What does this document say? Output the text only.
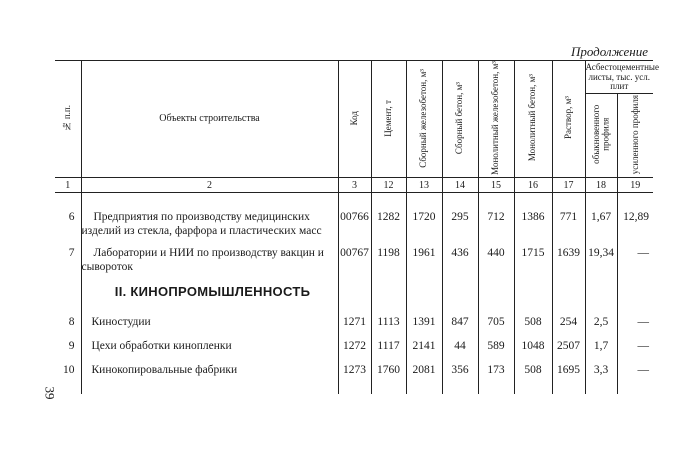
Продолжение
№ п.п.	Объекты строительства	Код	Цемент, т	Сборный железобетон, м³	Сборный бетон, м³	Монолитный железобетон, м³	Монолитный бетон, м³	Раствор, м³	Асбестоцементные листы, тыс. усл. плит	
									обыкновенного профиля	усиленного профиля
1	2	3	12	13	14	15	16	17	18	19
6	Предприятия по производству медицинских изделий из стекла, фарфора и пластических масс	00766	1282	1720	295	712	1386	771	1,67	12,89
7	Лаборатории и НИИ по производству вакцин и сывороток	00767	1198	1961	436	440	1715	1639	19,34	—
	II. КИНОПРОМЫШЛЕННОСТЬ									
8	Киностудии	1271	1113	1391	847	705	508	254	2,5	—
9	Цехи обработки кинопленки	1272	1117	2141	44	589	1048	2507	1,7	—
10	Кинокопировальные фабрики	1273	1760	2081	356	173	508	1695	3,3	—
39
